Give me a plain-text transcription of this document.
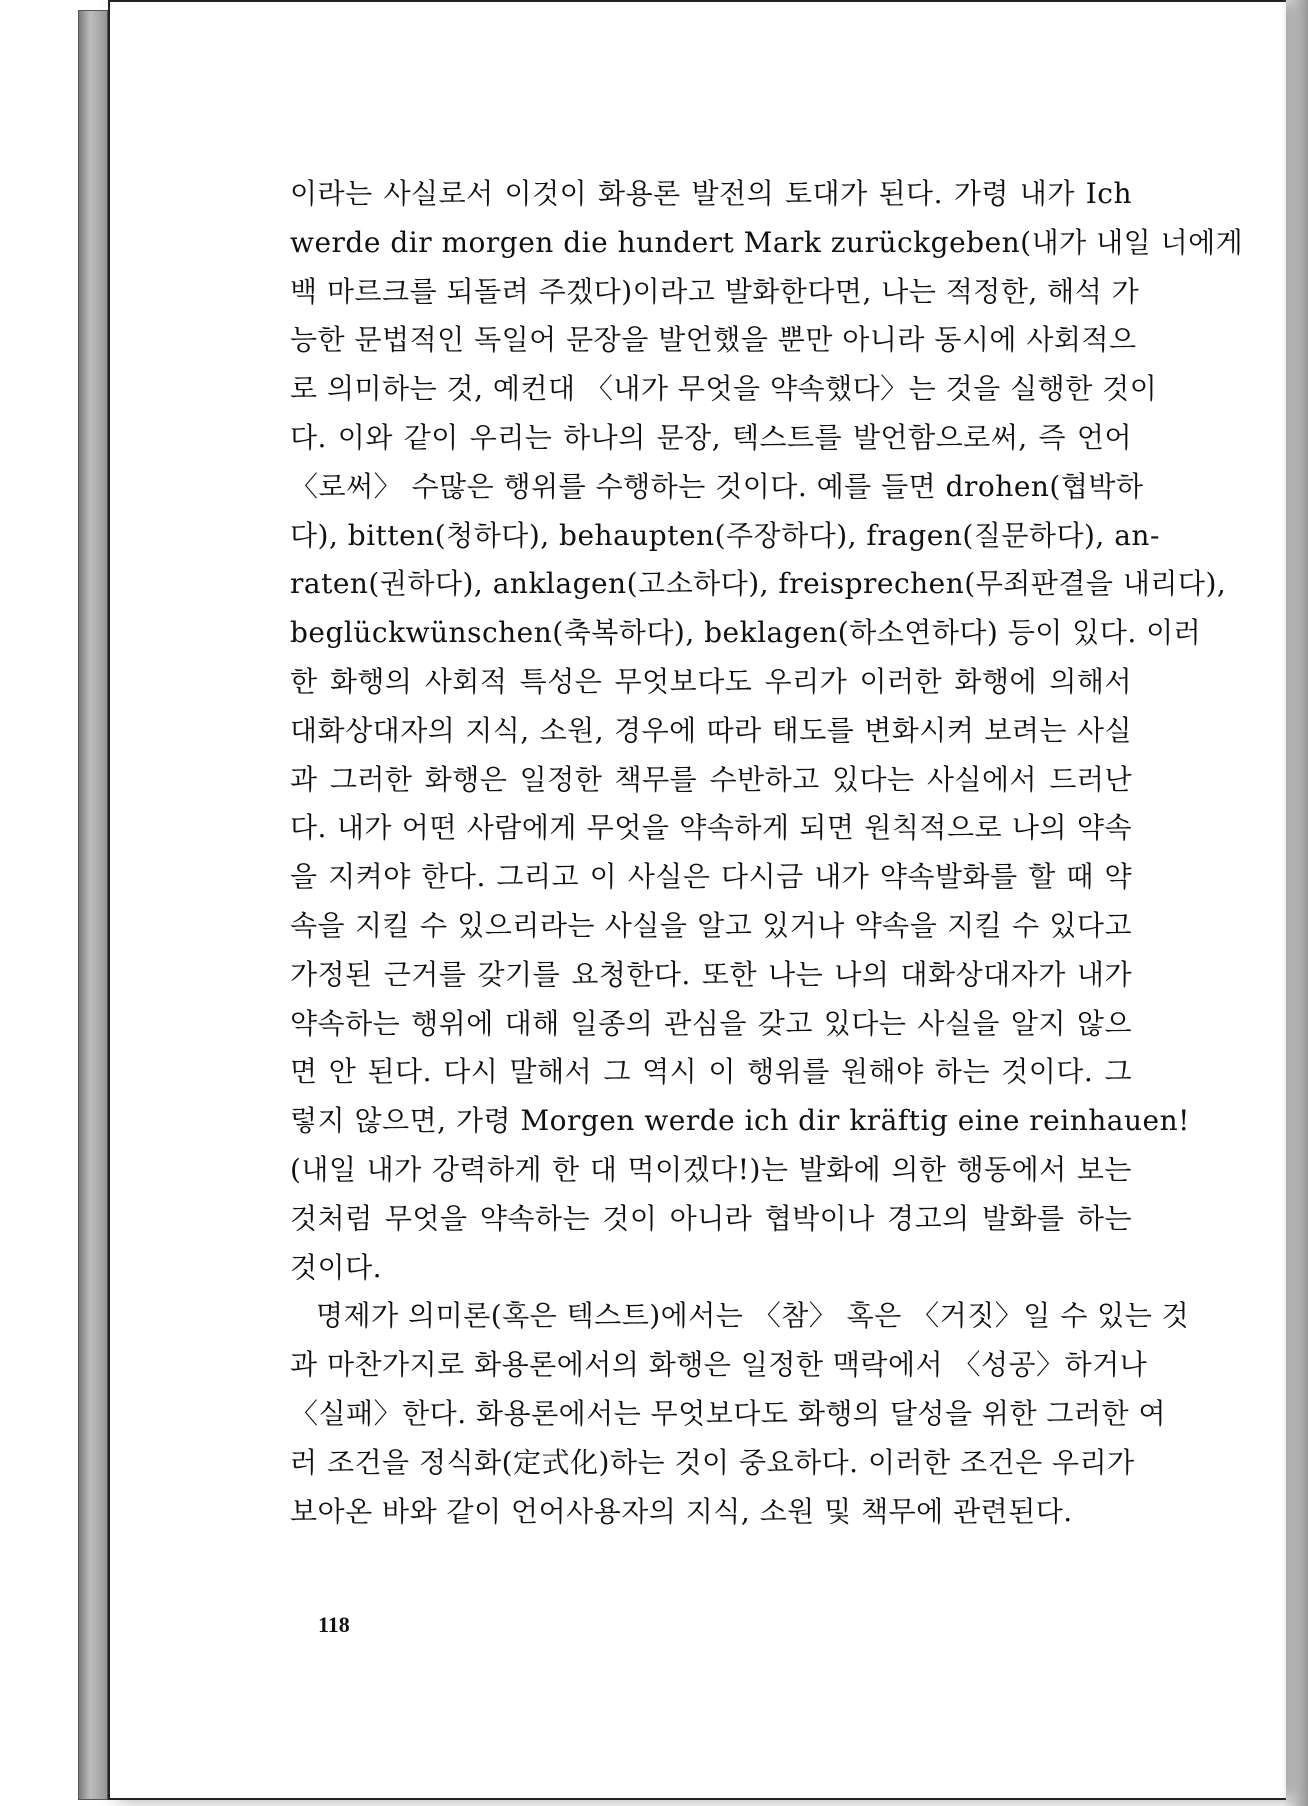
이라는 사실로서 이것이 화용론 발전의 토대가 된다. 가령 내가 Ich
werde dir morgen die hundert Mark zurückgeben(내가 내일 너에게
백 마르크를 되돌려 주겠다)이라고 발화한다면, 나는 적정한, 해석 가
능한 문법적인 독일어 문장을 발언했을 뿐만 아니라 동시에 사회적으
로 의미하는 것, 예컨대 〈내가 무엇을 약속했다〉는 것을 실행한 것이
다. 이와 같이 우리는 하나의 문장, 텍스트를 발언함으로써, 즉 언어
〈로써〉 수많은 행위를 수행하는 것이다. 예를 들면 drohen(협박하
다), bitten(청하다), behaupten(주장하다), fragen(질문하다), an-
raten(권하다), anklagen(고소하다), freisprechen(무죄판결을 내리다),
beglückwünschen(축복하다), beklagen(하소연하다) 등이 있다. 이러
한 화행의 사회적 특성은 무엇보다도 우리가 이러한 화행에 의해서
대화상대자의 지식, 소원, 경우에 따라 태도를 변화시켜 보려는 사실
과 그러한 화행은 일정한 책무를 수반하고 있다는 사실에서 드러난
다. 내가 어떤 사람에게 무엇을 약속하게 되면 원칙적으로 나의 약속
을 지켜야 한다. 그리고 이 사실은 다시금 내가 약속발화를 할 때 약
속을 지킬 수 있으리라는 사실을 알고 있거나 약속을 지킬 수 있다고
가정된 근거를 갖기를 요청한다. 또한 나는 나의 대화상대자가 내가
약속하는 행위에 대해 일종의 관심을 갖고 있다는 사실을 알지 않으
면 안 된다. 다시 말해서 그 역시 이 행위를 원해야 하는 것이다. 그
렇지 않으면, 가령 Morgen werde ich dir kräftig eine reinhauen!
(내일 내가 강력하게 한 대 먹이겠다!)는 발화에 의한 행동에서 보는
것처럼 무엇을 약속하는 것이 아니라 협박이나 경고의 발화를 하는
것이다.
명제가 의미론(혹은 텍스트)에서는 〈참〉 혹은 〈거짓〉일 수 있는 것
과 마찬가지로 화용론에서의 화행은 일정한 맥락에서 〈성공〉하거나
〈실패〉한다. 화용론에서는 무엇보다도 화행의 달성을 위한 그러한 여
러 조건을 정식화(定式化)하는 것이 중요하다. 이러한 조건은 우리가
보아온 바와 같이 언어사용자의 지식, 소원 및 책무에 관련된다.
118
